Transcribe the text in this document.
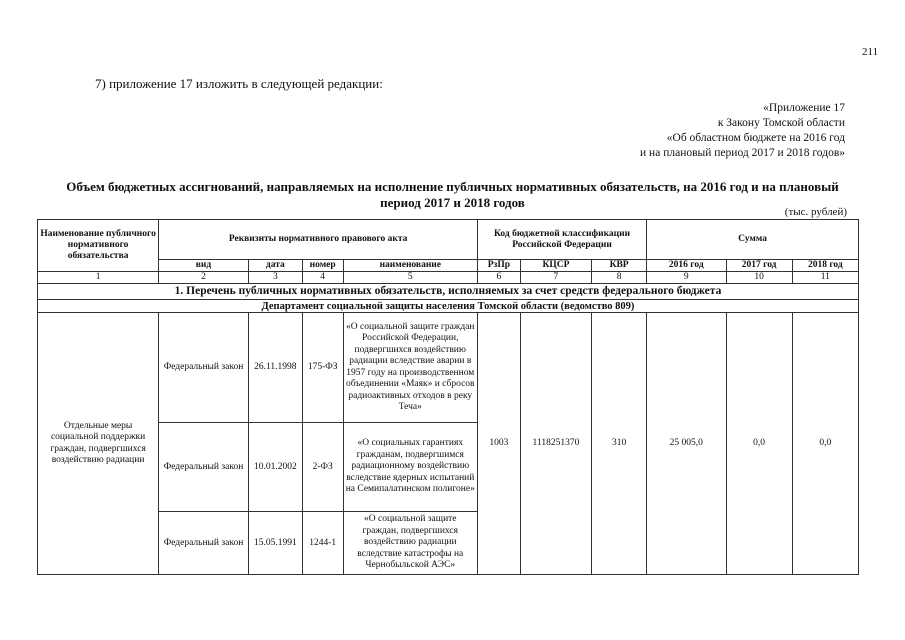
211
7) приложение 17 изложить в следующей редакции:
«Приложение 17
к Закону Томской области
«Об областном бюджете на 2016 год
и на плановый период 2017 и 2018 годов»
Объем бюджетных ассигнований, направляемых на исполнение публичных нормативных обязательств, на 2016 год и на плановый период 2017 и 2018 годов
(тыс. рублей)
Наименование публичного нормативного обязательства	Реквизиты нормативного правового акта				Код бюджетной классификации Российской Федерации			Сумма		
	вид	дата	номер	наименование	РзПр	КЦСР	КВР	2016 год	2017 год	2018 год
1	2	3	4	5	6	7	8	9	10	11
1. Перечень публичных нормативных обязательств, исполняемых за счет средств федерального бюджета										
Департамент социальной защиты населения Томской области (ведомство 809)										
Отдельные меры социальной поддержки граждан, подвергшихся воздействию радиации	Федеральный закон	26.11.1998	175-ФЗ	«О социальной защите граждан Российской Федерации, подвергшихся воздействию радиации вследствие аварии в 1957 году на производственном объединении «Маяк» и сбросов радиоактивных отходов в реку Теча»	1003	1118251370	310	25 005,0	0,0	0,0
	Федеральный закон	10.01.2002	2-ФЗ	«О социальных гарантиях гражданам, подвергшимся радиационному воздействию вследствие ядерных испытаний на Семипалатинском полигоне»						
	Федеральный закон	15.05.1991	1244-1	«О социальной защите граждан, подвергшихся воздействию радиации вследствие катастрофы на Чернобыльской АЭС»						
